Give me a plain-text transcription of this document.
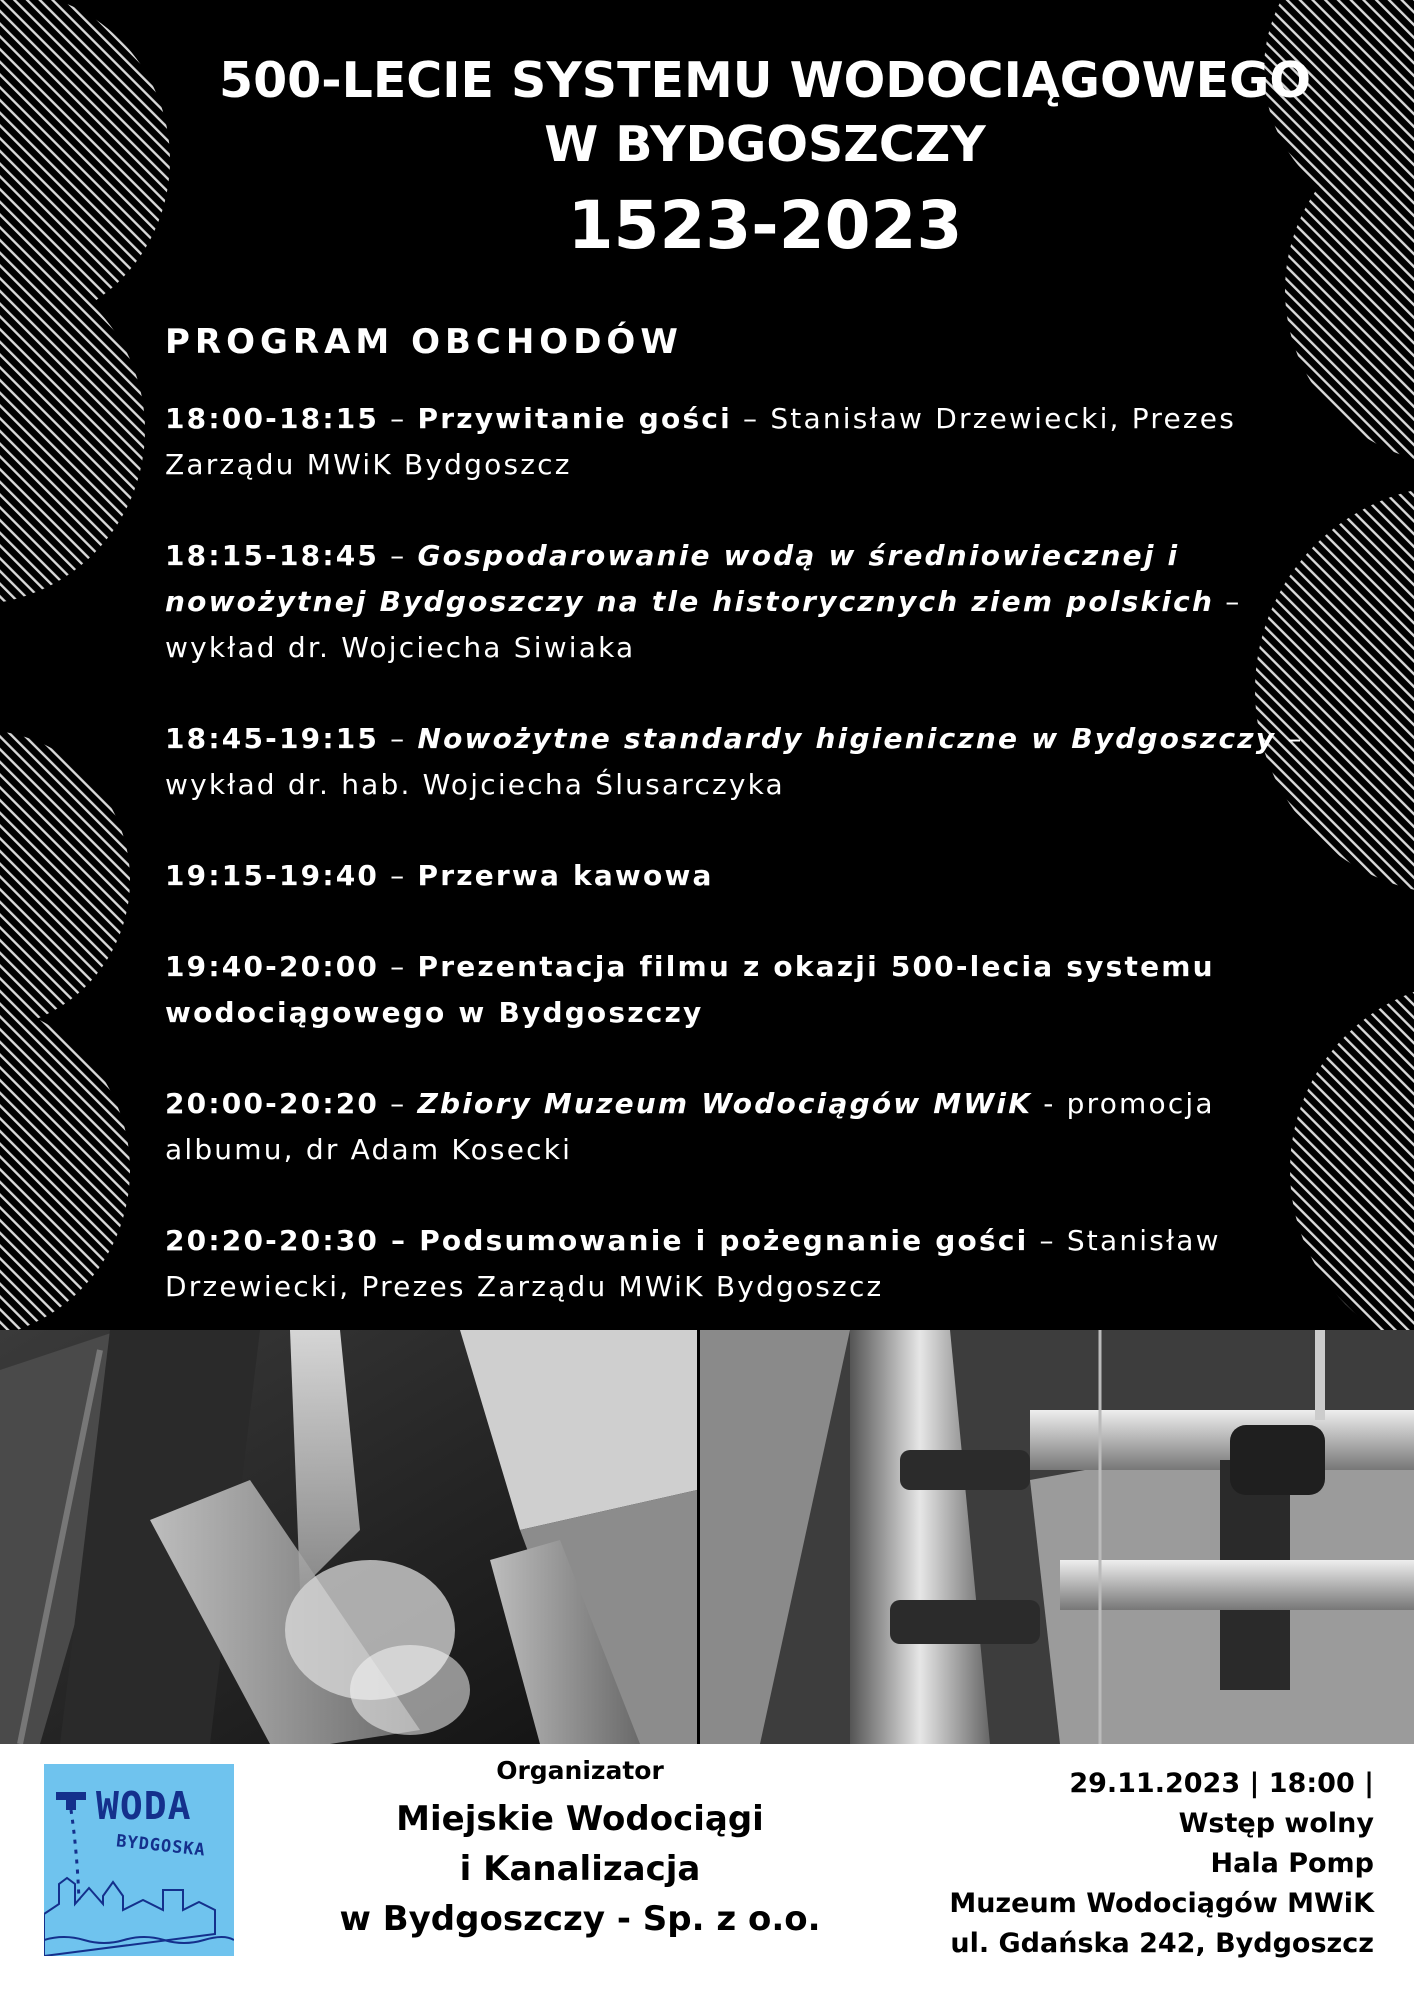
500-LECIE SYSTEMU WODOCIĄGOWEGO
W BYDGOSZCZY
1523-2023
PROGRAM OBCHODÓW
18:00-18:15 – Przywitanie gości – Stanisław Drzewiecki, Prezes Zarządu MWiK Bydgoszcz
18:15-18:45 – Gospodarowanie wodą w średniowiecznej i nowożytnej Bydgoszczy na tle historycznych ziem polskich – wykład dr. Wojciecha Siwiaka
18:45-19:15 – Nowożytne standardy higieniczne w Bydgoszczy – wykład dr. hab. Wojciecha Ślusarczyka
19:15-19:40 – Przerwa kawowa
19:40-20:00 – Prezentacja filmu z okazji 500-lecia systemu wodociągowego w Bydgoszczy
20:00-20:20 – Zbiory Muzeum Wodociągów MWiK - promocja albumu, dr Adam Kosecki
20:20-20:30 – Podsumowanie i pożegnanie gości – Stanisław Drzewiecki, Prezes Zarządu MWiK Bydgoszcz
WODA
BYDGOSKA
Organizator
Miejskie Wodociągi
i Kanalizacja
w Bydgoszczy - Sp. z o.o.
29.11.2023 | 18:00 |
Wstęp wolny
Hala Pomp
Muzeum Wodociągów MWiK
ul. Gdańska 242, Bydgoszcz
